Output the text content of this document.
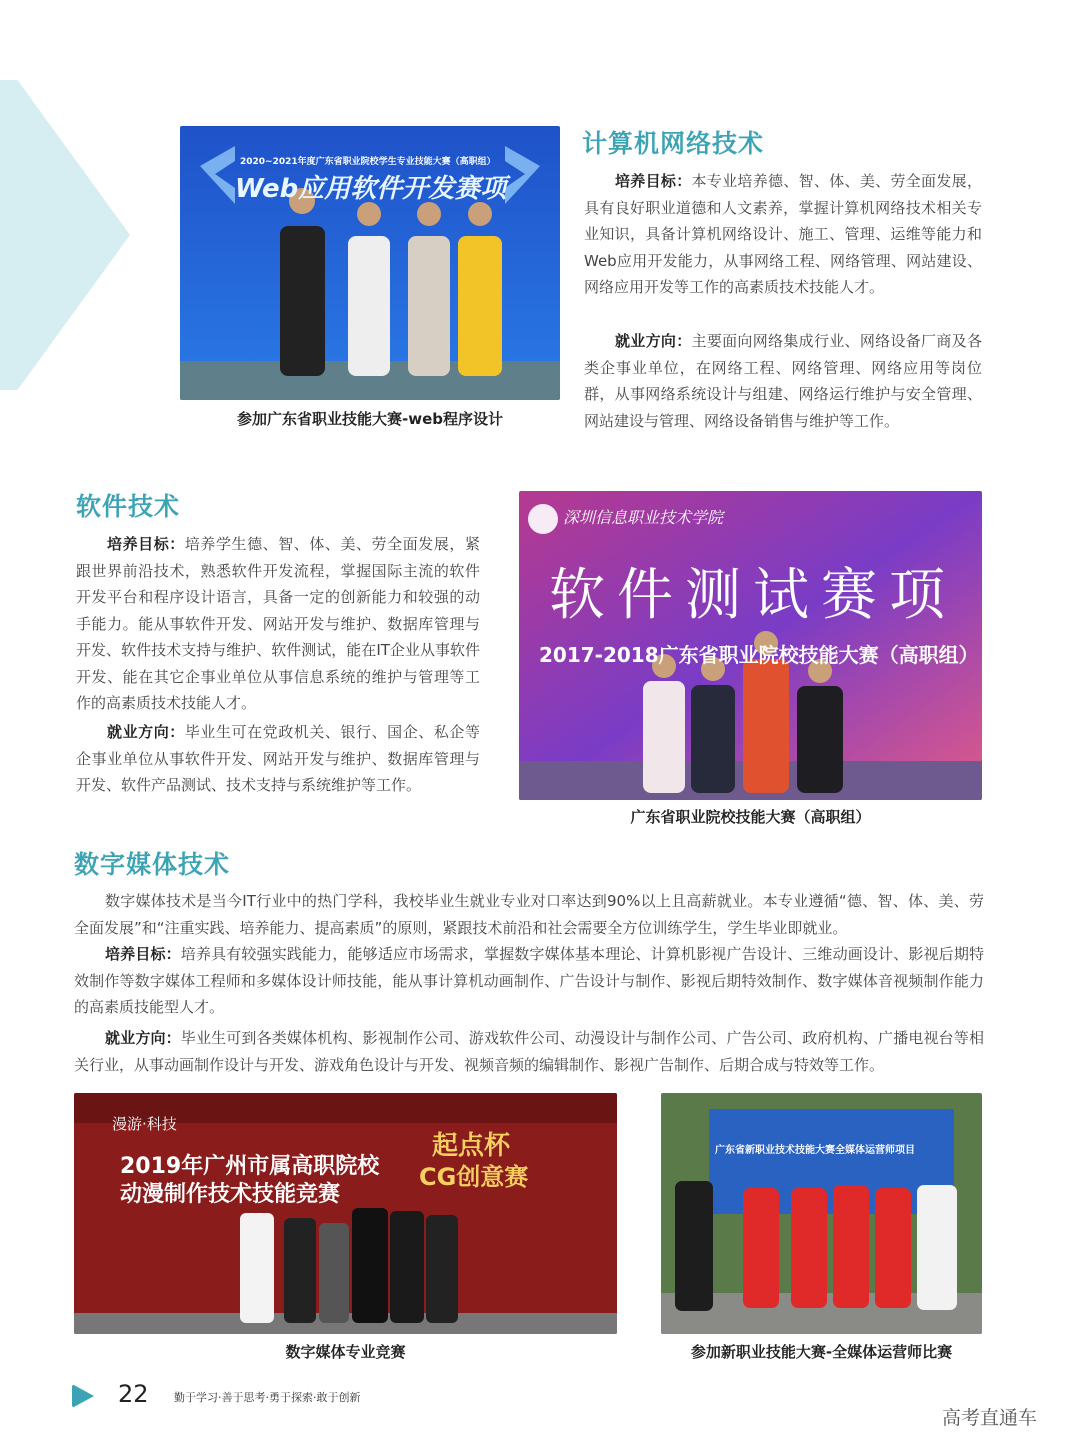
2020~2021年度广东省职业院校学生专业技能大赛（高职组）
Web应用软件开发赛项
参加广东省职业技能大赛-web程序设计
计算机网络技术

培养目标：本专业培养德、智、体、美、劳全面发展，具有良好职业道德和人文素养，掌握计算机网络技术相关专业知识，具备计算机网络设计、施工、管理、运维等能力和Web应用开发能力，从事网络工程、网络管理、网站建设、网络应用开发等工作的高素质技术技能人才。

就业方向：主要面向网络集成行业、网络设备厂商及各类企事业单位，在网络工程、网络管理、网络应用等岗位群，从事网络系统设计与组建、网络运行维护与安全管理、网站建设与管理、网络设备销售与维护等工作。

软件技术

培养目标：培养学生德、智、体、美、劳全面发展，紧跟世界前沿技术，熟悉软件开发流程，掌握国际主流的软件开发平台和程序设计语言，具备一定的创新能力和较强的动手能力。能从事软件开发、网站开发与维护、数据库管理与开发、软件技术支持与维护、软件测试，能在IT企业从事软件开发、能在其它企事业单位从事信息系统的维护与管理等工作的高素质技术技能人才。

就业方向：毕业生可在党政机关、银行、国企、私企等企事业单位从事软件开发、网站开发与维护、数据库管理与开发、软件产品测试、技术支持与系统维护等工作。

深圳信息职业技术学院
软件测试赛项
2017-2018广东省职业院校技能大赛（高职组）
广东省职业院校技能大赛（高职组）
数字媒体技术

数字媒体技术是当今IT行业中的热门学科，我校毕业生就业专业对口率达到90%以上且高薪就业。本专业遵循“德、智、体、美、劳全面发展”和“注重实践、培养能力、提高素质”的原则，紧跟技术前沿和社会需要全方位训练学生，学生毕业即就业。

培养目标：培养具有较强实践能力，能够适应市场需求，掌握数字媒体基本理论、计算机影视广告设计、三维动画设计、影视后期特效制作等数字媒体工程师和多媒体设计师技能，能从事计算机动画制作、广告设计与制作、影视后期特效制作、数字媒体音视频制作能力的高素质技能型人才。

就业方向：毕业生可到各类媒体机构、影视制作公司、游戏软件公司、动漫设计与制作公司、广告公司、政府机构、广播电视台等相关行业，从事动画制作设计与开发、游戏角色设计与开发、视频音频的编辑制作、影视广告制作、后期合成与特效等工作。

漫游·科技
2019年广州市属高职院校
动漫制作技术技能竞赛
起点杯
CG创意赛
数字媒体专业竞赛
广东省新职业技术技能大赛全媒体运营师项目
参加新职业技能大赛-全媒体运营师比赛
22 勤于学习·善于思考·勇于探索·敢于创新
高考直通车
